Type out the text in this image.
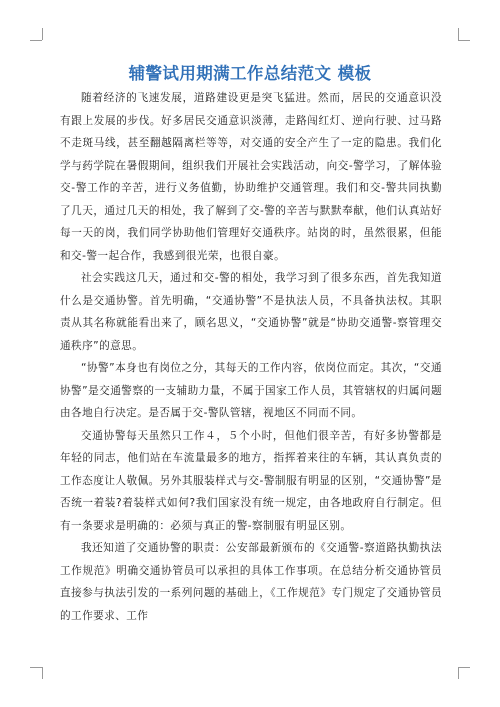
辅警试用期满工作总结范文 模板

随着经济的飞速发展，道路建设更是突飞猛进。然而，居民的交通意识没有跟上发展的步伐。好多居民交通意识淡薄，走路闯红灯、逆向行驶、过马路不走斑马线，甚至翻越隔离栏等等，对交通的安全产生了一定的隐患。我们化学与药学院在暑假期间，组织我们开展社会实践活动，向交-警学习，了解体验交-警工作的辛苦，进行义务值勤，协助维护交通管理。我们和交-警共同执勤了几天，通过几天的相处，我了解到了交-警的辛苦与默默奉献，他们认真站好每一天的岗，我们同学协助他们管理好交通秩序。站岗的时，虽然很累，但能和交-警一起合作，我感到很光荣，也很自豪。

社会实践这几天，通过和交-警的相处，我学习到了很多东西，首先我知道什么是交通协警。首先明确，“交通协警”不是执法人员，不具备执法权。其职责从其名称就能看出来了，顾名思义，“交通协警”就是“协助交通警-察管理交通秩序”的意思。

“协警”本身也有岗位之分，其每天的工作内容，依岗位而定。其次，“交通协警”是交通警察的一支辅助力量，不属于国家工作人员，其管辖权的归属问题由各地自行决定。是否属于交-警队管辖，视地区不同而不同。

交通协警每天虽然只工作４，５个小时，但他们很辛苦，有好多协警都是年轻的同志，他们站在车流量最多的地方，指挥着来往的车辆，其认真负责的工作态度让人敬佩。另外其服装样式与交-警制服有明显的区别，“交通协警”是否统一着装?着装样式如何?我们国家没有统一规定，由各地政府自行制定。但有一条要求是明确的：必须与真正的警-察制服有明显区别。

我还知道了交通协警的职责：公安部最新颁布的《交通警-察道路执勤执法工作规范》明确交通协管员可以承担的具体工作事项。在总结分析交通协管员直接参与执法引发的一系列问题的基础上，《工作规范》专门规定了交通协管员的工作要求、工作
